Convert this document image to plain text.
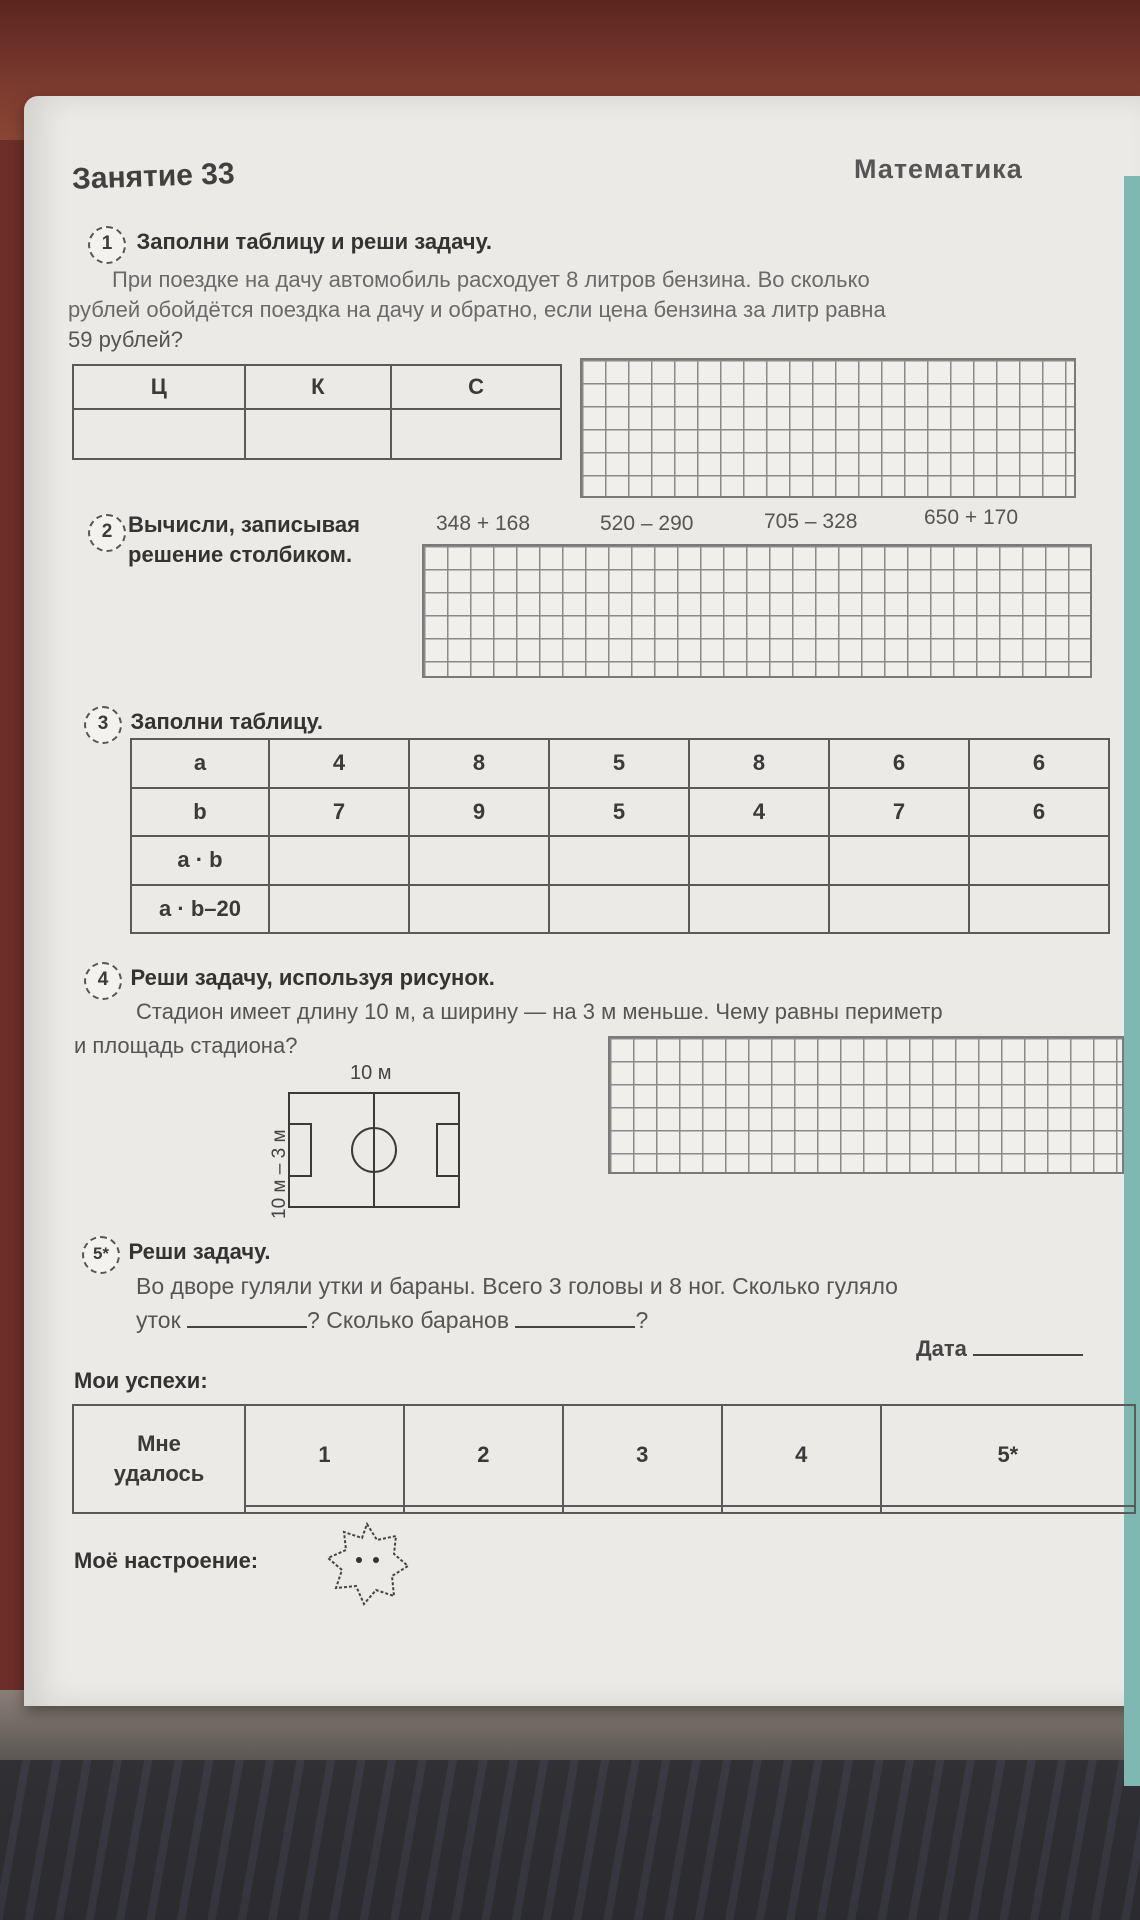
Занятие 33	Математика
1 Заполни таблицу и реши задачу.
При поездке на дачу автомобиль расходует 8 литров бензина. Во сколько
рублей обойдётся поездка на дачу и обратно, если цена бензина за литр равна
59 рублей?
Ц	К	С

2 Вычисли, записывая
решение столбиком.
348 + 168	520 – 290	705 – 328	650 + 170
3 Заполни таблицу.
a	4	8	5	8	6	6
b	7	9	5	4	7	6
a · b						
a · b–20						
4 Реши задачу, используя рисунок.
Стадион имеет длину 10 м, а ширину — на 3 м меньше. Чему равны периметр
и площадь стадиона?
10 м
10 м – 3 м
5* Реши задачу.
Во дворе гуляли утки и бараны. Всего 3 головы и 8 ног. Сколько гуляло
уток	? Сколько баранов	?
Дата
Мои успехи:
Мне
удалось	1	2	3	4	5*

Моё настроение:
